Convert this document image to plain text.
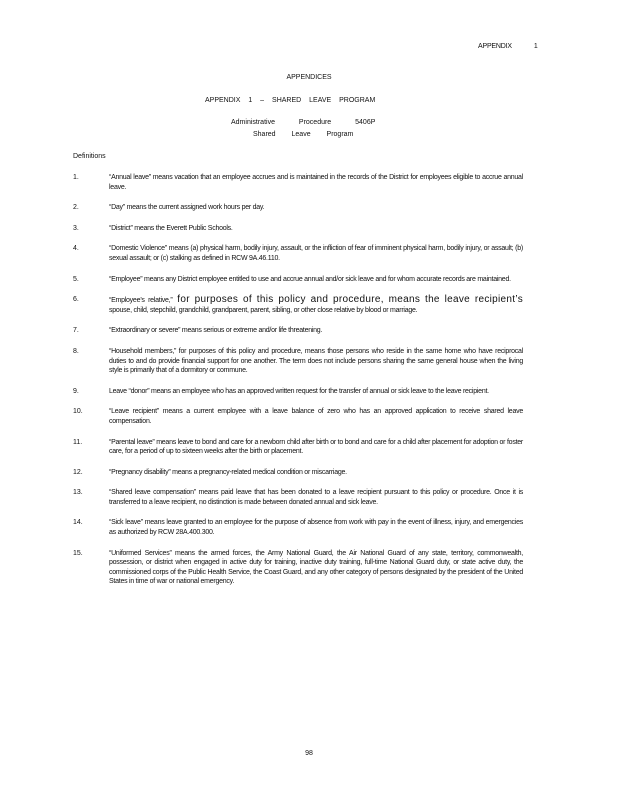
APPENDIX	1
APPENDICES
APPENDIX 1 – SHARED LEAVE PROGRAM
Administrative Procedure 5406P
Shared Leave Program
Definitions
1.	“Annual leave” means vacation that an employee accrues and is maintained in the records of the District for employees eligible to accrue annual leave.
2.	“Day” means the current assigned work hours per day.
3.	“District” means the Everett Public Schools.
4.	“Domestic Violence” means (a) physical harm, bodily injury, assault, or the infliction of fear of imminent physical harm, bodily injury, or assault; (b) sexual assault; or (c) stalking as defined in RCW 9A.46.110.
5.	“Employee” means any District employee entitled to use and accrue annual and/or sick leave and for whom accurate records are maintained.
6.	“Employee’s relative,” for purposes of this policy and procedure, means the leave recipient’s spouse, child, stepchild, grandchild, grandparent, parent, sibling, or other close relative by blood or marriage.
7.	“Extraordinary or severe” means serious or extreme and/or life threatening.
8.	“Household members,” for purposes of this policy and procedure, means those persons who reside in the same home who have reciprocal duties to and do provide financial support for one another. The term does not include persons sharing the same general house when the living style is primarily that of a dormitory or commune.
9.	Leave “donor” means an employee who has an approved written request for the transfer of annual or sick leave to the leave recipient.
10.	“Leave recipient” means a current employee with a leave balance of zero who has an approved application to receive shared leave compensation.
11.	“Parental leave” means leave to bond and care for a newborn child after birth or to bond and care for a child after placement for adoption or foster care, for a period of up to sixteen weeks after the birth or placement.
12.	“Pregnancy disability” means a pregnancy-related medical condition or miscarriage.
13.	“Shared leave compensation” means paid leave that has been donated to a leave recipient pursuant to this policy or procedure. Once it is transferred to a leave recipient, no distinction is made between donated annual and sick leave.
14.	“Sick leave” means leave granted to an employee for the purpose of absence from work with pay in the event of illness, injury, and emergencies as authorized by RCW 28A.400.300.
15.	“Uniformed Services” means the armed forces, the Army National Guard, the Air National Guard of any state, territory, commonwealth, possession, or district when engaged in active duty for training, inactive duty training, full-time National Guard duty, or state active duty, the commissioned corps of the Public Health Service, the Coast Guard, and any other category of persons designated by the president of the United States in time of war or national emergency.
98
